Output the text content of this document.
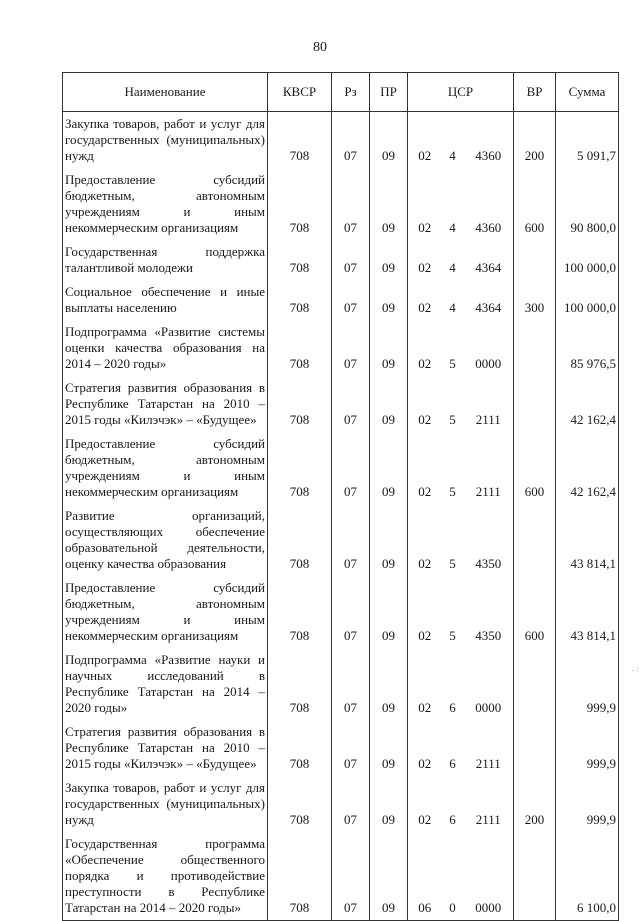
80
Наименование	КВСР	Рз	ПР	ЦСР			ВР	Сумма
Закупка товаров, работ и услуг для государственных (муниципальных) нужд	708	07	09	02	4	4360	200	5 091,7
Предоставление субсидий бюджетным, автономным учреждениям и иным некоммерческим организациям	708	07	09	02	4	4360	600	90 800,0
Государственная поддержка талантливой молодежи	708	07	09	02	4	4364		100 000,0
Социальное обеспечение и иные выплаты населению	708	07	09	02	4	4364	300	100 000,0
Подпрограмма «Развитие системы оценки качества образования на 2014 – 2020 годы»	708	07	09	02	5	0000		85 976,5
Стратегия развития образования в Республике Татарстан на 2010 – 2015 годы «Килэчэк» – «Будущее»	708	07	09	02	5	2111		42 162,4
Предоставление субсидий бюджетным, автономным учреждениям и иным некоммерческим организациям	708	07	09	02	5	2111	600	42 162,4
Развитие организаций, осуществляющих обеспечение образовательной деятельности, оценку качества образования	708	07	09	02	5	4350		43 814,1
Предоставление субсидий бюджетным, автономным учреждениям и иным некоммерческим организациям	708	07	09	02	5	4350	600	43 814,1
Подпрограмма «Развитие науки и научных исследований в Республике Татарстан на 2014 – 2020 годы»	708	07	09	02	6	0000		999,9
Стратегия развития образования в Республике Татарстан на 2010 – 2015 годы «Килэчэк» – «Будущее»	708	07	09	02	6	2111		999,9
Закупка товаров, работ и услуг для государственных (муниципальных) нужд	708	07	09	02	6	2111	200	999,9
Государственная программа «Обеспечение общественного порядка и противодействие преступности в Республике Татарстан на 2014 – 2020 годы»	708	07	09	06	0	0000		6 100,0
- ⁝
